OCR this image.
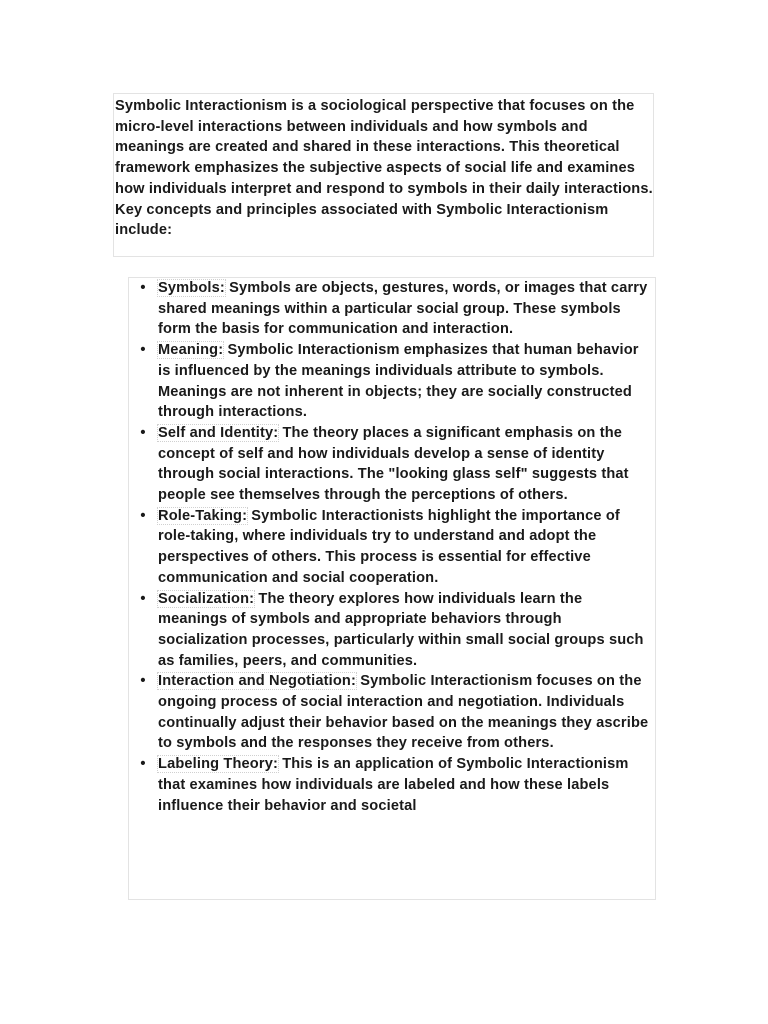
Symbolic Interactionism is a sociological perspective that focuses on the micro-level interactions between individuals and how symbols and meanings are created and shared in these interactions. This theoretical framework emphasizes the subjective aspects of social life and examines how individuals interpret and respond to symbols in their daily interactions. Key concepts and principles associated with Symbolic Interactionism include:

• Symbols: Symbols are objects, gestures, words, or images that carry shared meanings within a particular social group. These symbols form the basis for communication and interaction.
• Meaning: Symbolic Interactionism emphasizes that human behavior is influenced by the meanings individuals attribute to symbols. Meanings are not inherent in objects; they are socially constructed through interactions.
• Self and Identity: The theory places a significant emphasis on the concept of self and how individuals develop a sense of identity through social interactions. The "looking glass self" suggests that people see themselves through the perceptions of others.
• Role-Taking: Symbolic Interactionists highlight the importance of role-taking, where individuals try to understand and adopt the perspectives of others. This process is essential for effective communication and social cooperation.
• Socialization: The theory explores how individuals learn the meanings of symbols and appropriate behaviors through socialization processes, particularly within small social groups such as families, peers, and communities.
• Interaction and Negotiation: Symbolic Interactionism focuses on the ongoing process of social interaction and negotiation. Individuals continually adjust their behavior based on the meanings they ascribe to symbols and the responses they receive from others.
• Labeling Theory: This is an application of Symbolic Interactionism that examines how individuals are labeled and how these labels influence their behavior and societal
